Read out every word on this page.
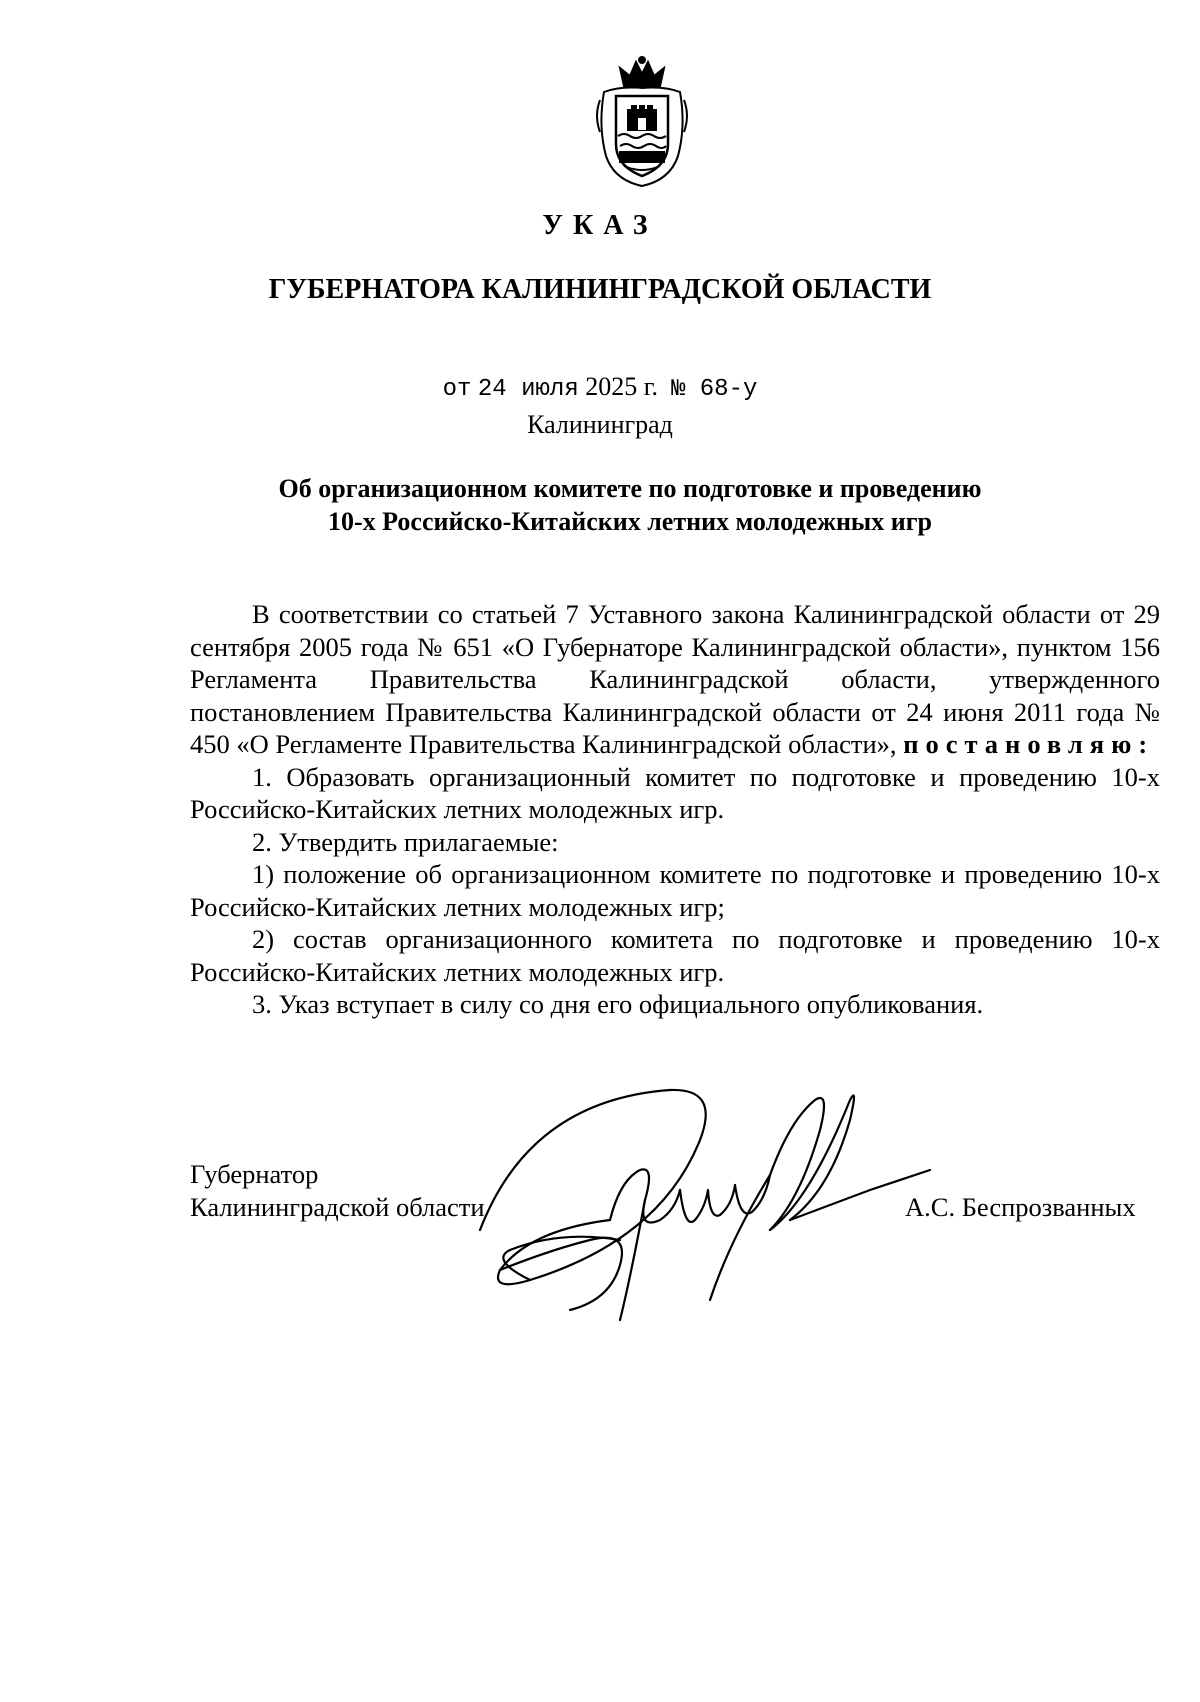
УКАЗ
ГУБЕРНАТОРА КАЛИНИНГРАДСКОЙ ОБЛАСТИ
от 24 июля 2025 г. № 68-у
Калининград
Об организационном комитете по подготовке и проведению
10-х Российско-Китайских летних молодежных игр

В соответствии со статьей 7 Уставного закона Калининградской области от 29 сентября 2005 года № 651 «О Губернаторе Калининградской области», пунктом 156 Регламента Правительства Калининградской области, утвержденного постановлением Правительства Калининградской области от 24 июня 2011 года № 450 «О Регламенте Правительства Калининградской области», постановляю:

1. Образовать организационный комитет по подготовке и проведению 10-х Российско-Китайских летних молодежных игр.

2. Утвердить прилагаемые:

1) положение об организационном комитете по подготовке и проведению 10-х Российско-Китайских летних молодежных игр;

2) состав организационного комитета по подготовке и проведению 10-х Российско-Китайских летних молодежных игр.

3. Указ вступает в силу со дня его официального опубликования.

Губернатор
Калининградской области	А.С. Беспрозванных
